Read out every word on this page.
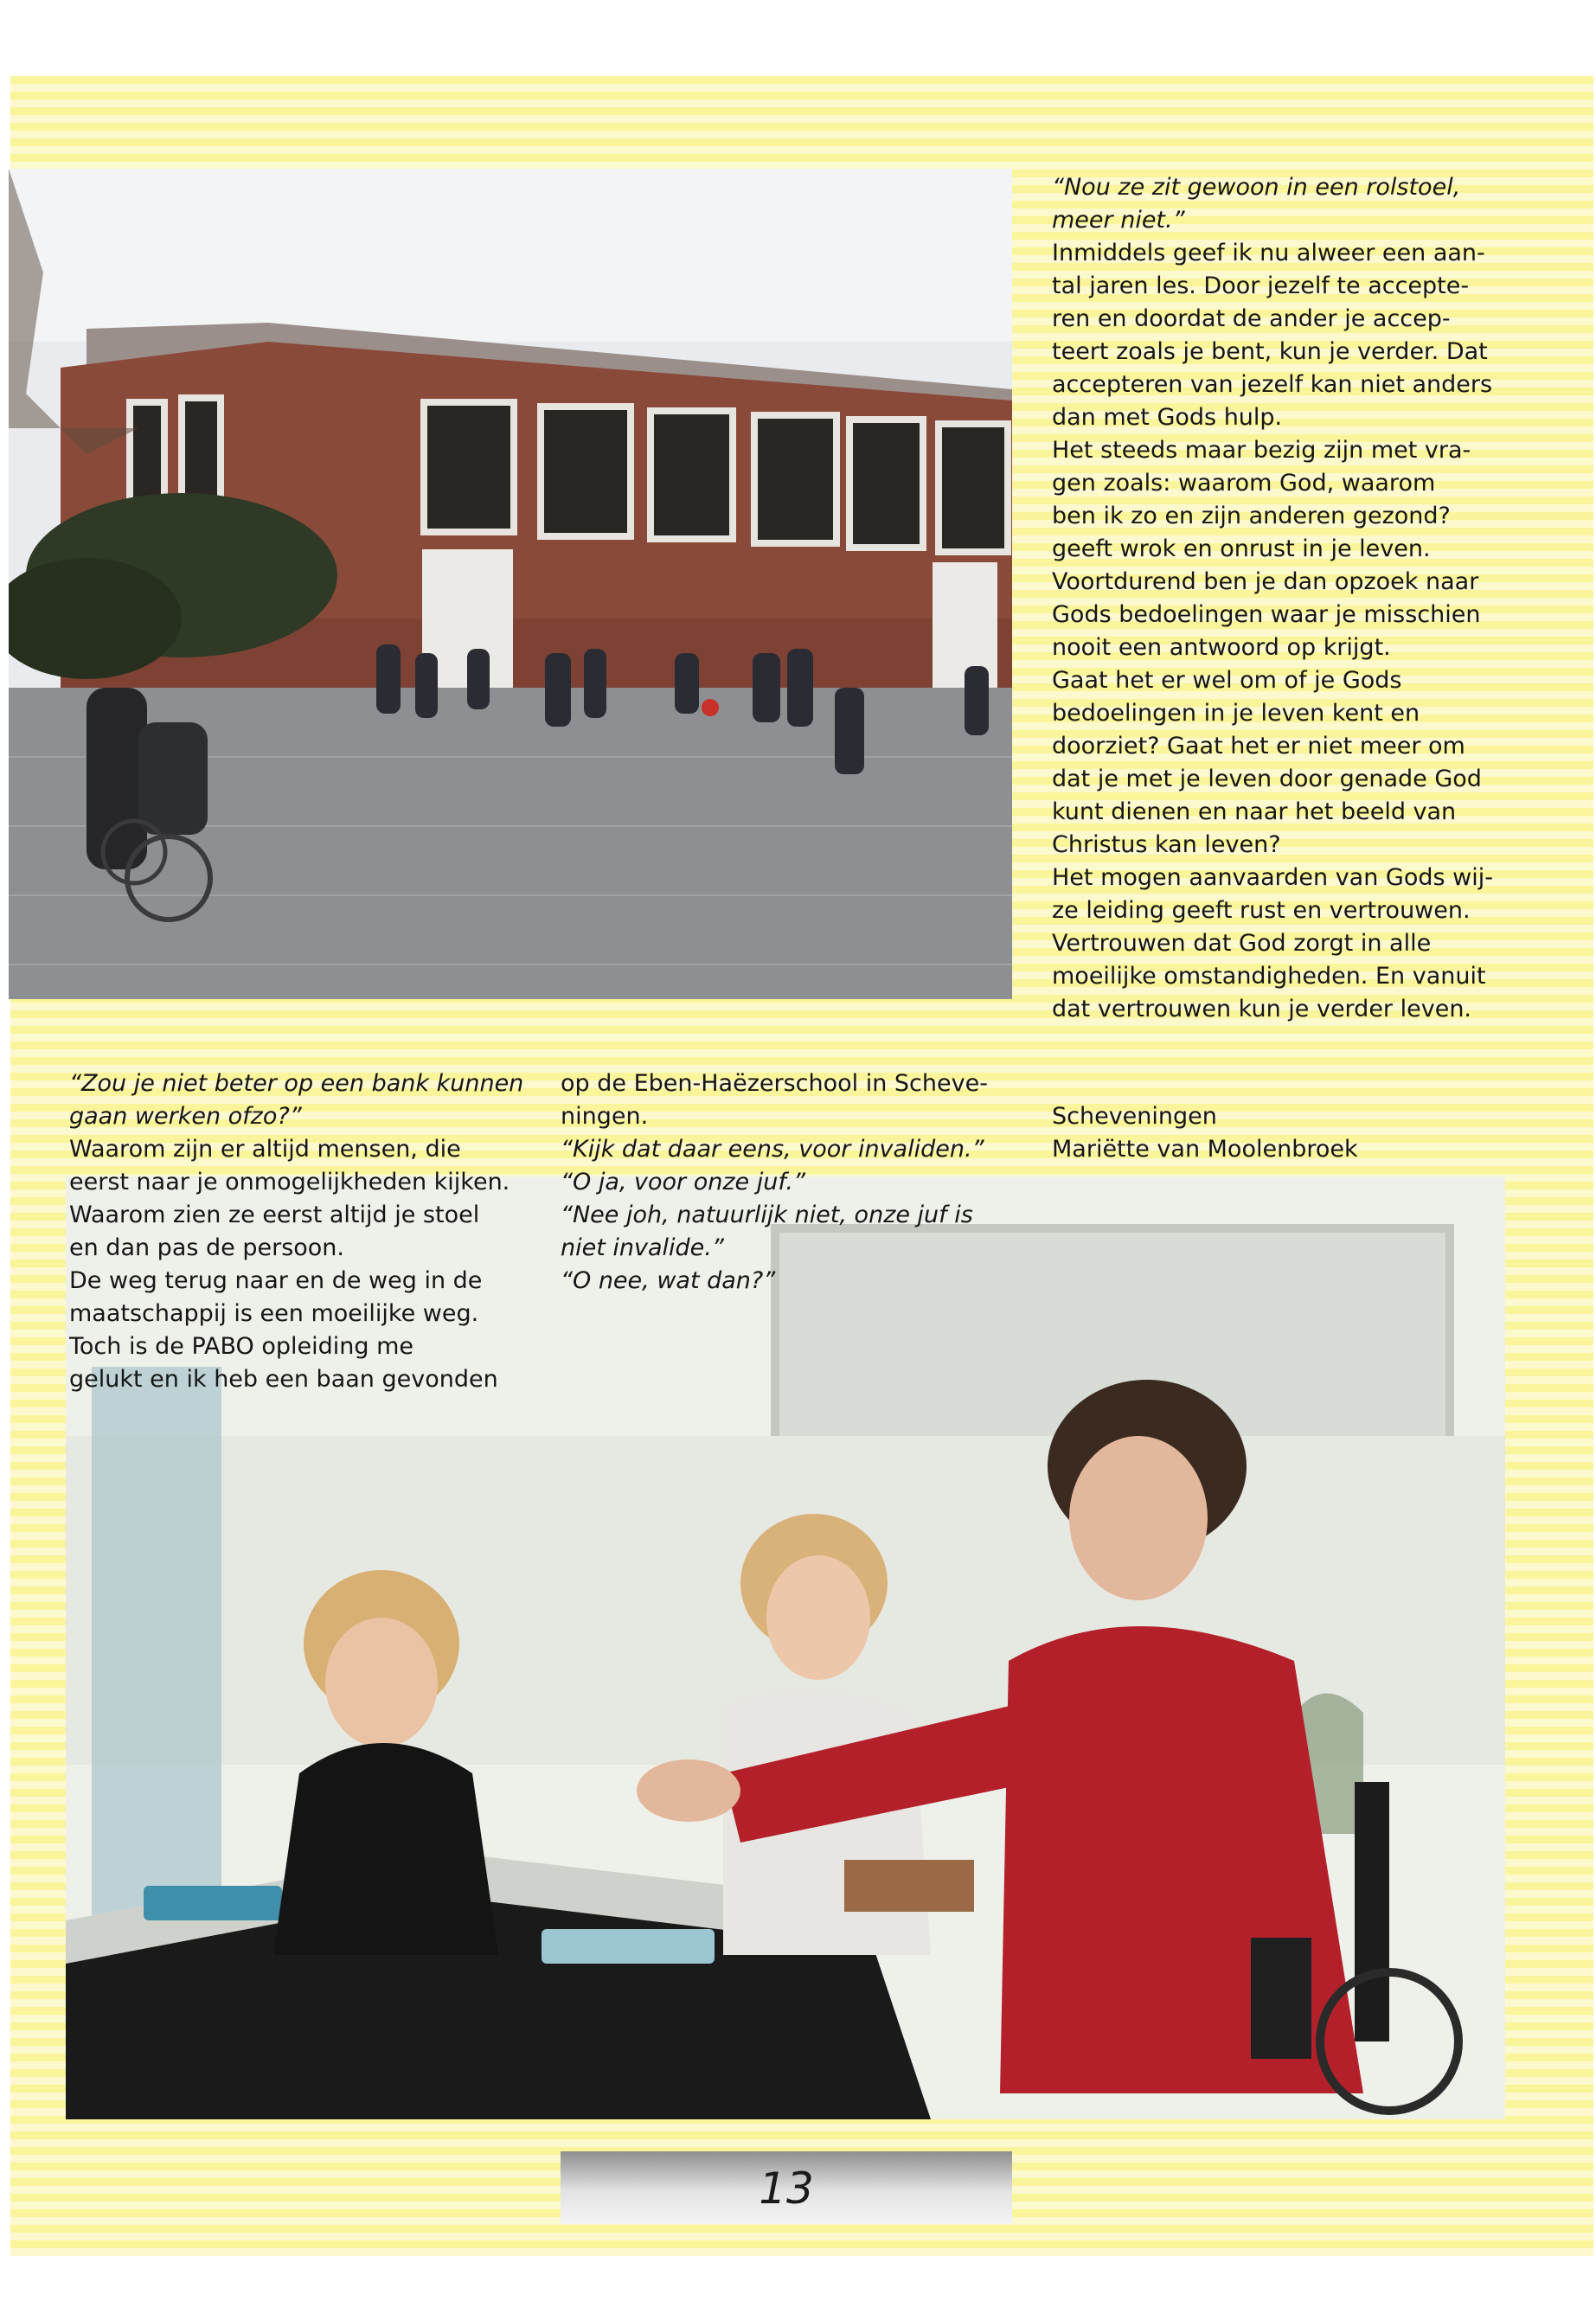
“Nou ze zit gewoon in een rolstoel, meer niet.”

Inmiddels geef ik nu alweer een aan-

tal jaren les. Door jezelf te accepte-

ren en doordat de ander je accep-

teert zoals je bent, kun je verder. Dat

accepteren van jezelf kan niet anders

dan met Gods hulp.

Het steeds maar bezig zijn met vra-

gen zoals: waarom God, waarom

ben ik zo en zijn anderen gezond?

geeft wrok en onrust in je leven.

Voortdurend ben je dan opzoek naar

Gods bedoelingen waar je misschien

nooit een antwoord op krijgt.

Gaat het er wel om of je Gods

bedoelingen in je leven kent en

doorziet? Gaat het er niet meer om

dat je met je leven door genade God

kunt dienen en naar het beeld van

Christus kan leven?

Het mogen aanvaarden van Gods wij-

ze leiding geeft rust en vertrouwen.

Vertrouwen dat God zorgt in alle

moeilijke omstandigheden. En vanuit

dat vertrouwen kun je verder leven.

“Zou je niet beter op een bank kunnen

gaan werken ofzo?”

Waarom zijn er altijd mensen, die

eerst naar je onmogelijkheden kijken.

Waarom zien ze eerst altijd je stoel

en dan pas de persoon.

De weg terug naar en de weg in de

maatschappij is een moeilijke weg.

Toch is de PABO opleiding me

gelukt en ik heb een baan gevonden

op de Eben-Haëzerschool in Scheve-

ningen.

“Kijk dat daar eens, voor invaliden.”

“O ja, voor onze juf.”

“Nee joh, natuurlijk niet, onze juf is

niet invalide.”

“O nee, wat dan?”

Scheveningen

Mariëtte van Moolenbroek

13
